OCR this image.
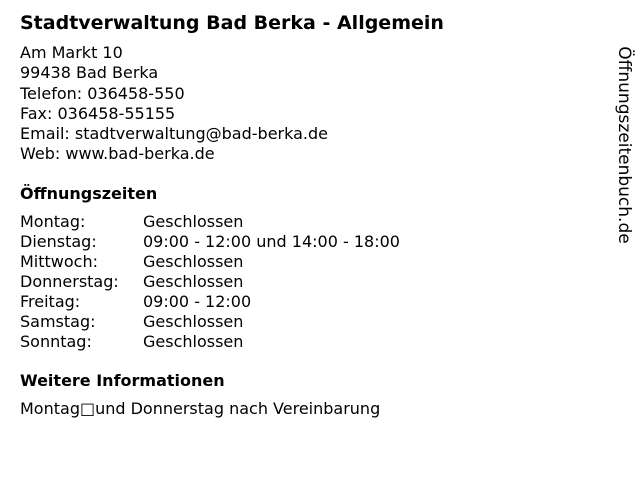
Stadtverwaltung Bad Berka - Allgemein
Am Markt 10
99438 Bad Berka
Telefon: 036458-550
Fax: 036458-55155
Email: stadtverwaltung@bad-berka.de
Web: www.bad-berka.de
Öffnungszeiten
Montag:	Geschlossen
Dienstag:	09:00 - 12:00 und 14:00 - 18:00
Mittwoch:	Geschlossen
Donnerstag:	Geschlossen
Freitag:	09:00 - 12:00
Samstag:	Geschlossen
Sonntag:	Geschlossen
Weitere Informationen
Montag□und Donnerstag nach Vereinbarung
Öffnungszeitenbuch.de
